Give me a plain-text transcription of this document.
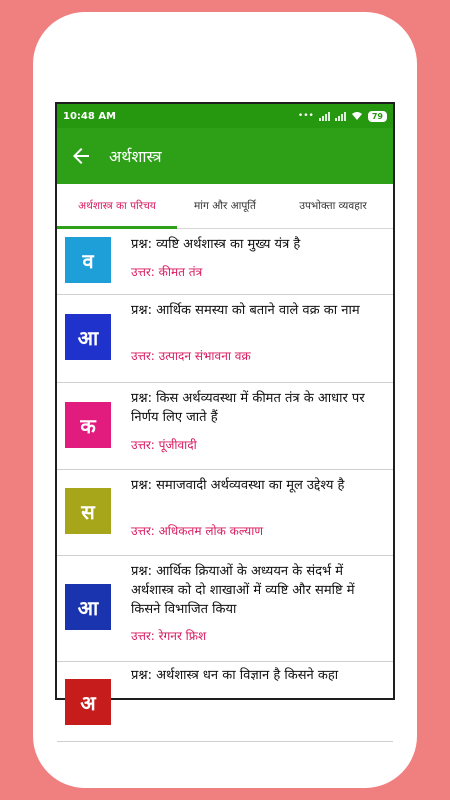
10:48 AM	•••	79
अर्थशास्त्र
अर्थशास्त्र का परिचय	मांग और आपूर्ति	उपभोक्ता व्यवहार
व
प्रश्न: व्यष्टि अर्थशास्त्र का मुख्य यंत्र है
उत्तर: कीमत तंत्र
आ
प्रश्न: आर्थिक समस्या को बताने वाले वक्र का नाम
उत्तर: उत्पादन संभावना वक्र
क
प्रश्न: किस अर्थव्यवस्था में कीमत तंत्र के आधार पर निर्णय लिए जाते हैं
उत्तर: पूंजीवादी
स
प्रश्न: समाजवादी अर्थव्यवस्था का मूल उद्देश्य है
उत्तर: अधिकतम लोक कल्याण
आ
प्रश्न: आर्थिक क्रियाओं के अध्ययन के संदर्भ में अर्थशास्त्र को दो शाखाओं में व्यष्टि और समष्टि में किसने विभाजित किया
उत्तर: रेगनर फ्रिश
अ
प्रश्न: अर्थशास्त्र धन का विज्ञान है किसने कहा
